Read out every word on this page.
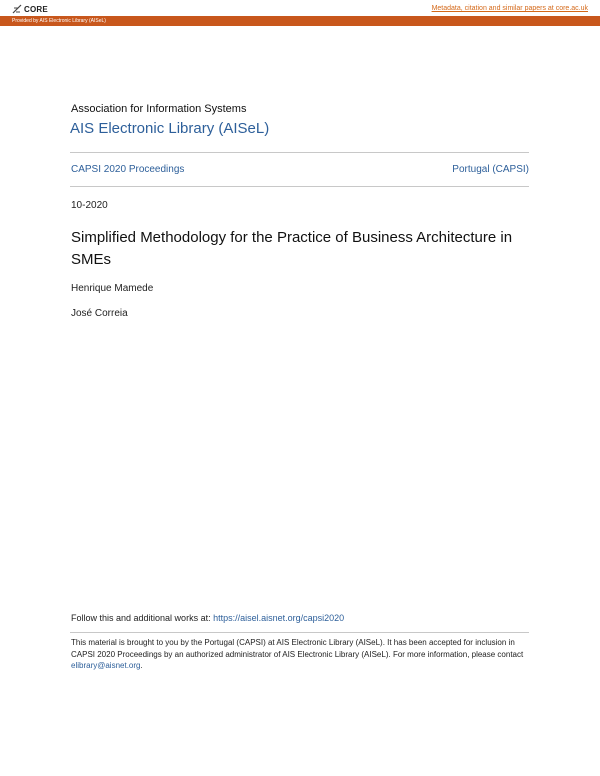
CORE	Metadata, citation and similar papers at core.ac.uk
Provided by AIS Electronic Library (AISeL)
Association for Information Systems
AIS Electronic Library (AISeL)
CAPSI 2020 Proceedings	Portugal (CAPSI)
10-2020
Simplified Methodology for the Practice of Business Architecture in SMEs
Henrique Mamede
José Correia
Follow this and additional works at: https://aisel.aisnet.org/capsi2020
This material is brought to you by the Portugal (CAPSI) at AIS Electronic Library (AISeL). It has been accepted for inclusion in CAPSI 2020 Proceedings by an authorized administrator of AIS Electronic Library (AISeL). For more information, please contact elibrary@aisnet.org.
